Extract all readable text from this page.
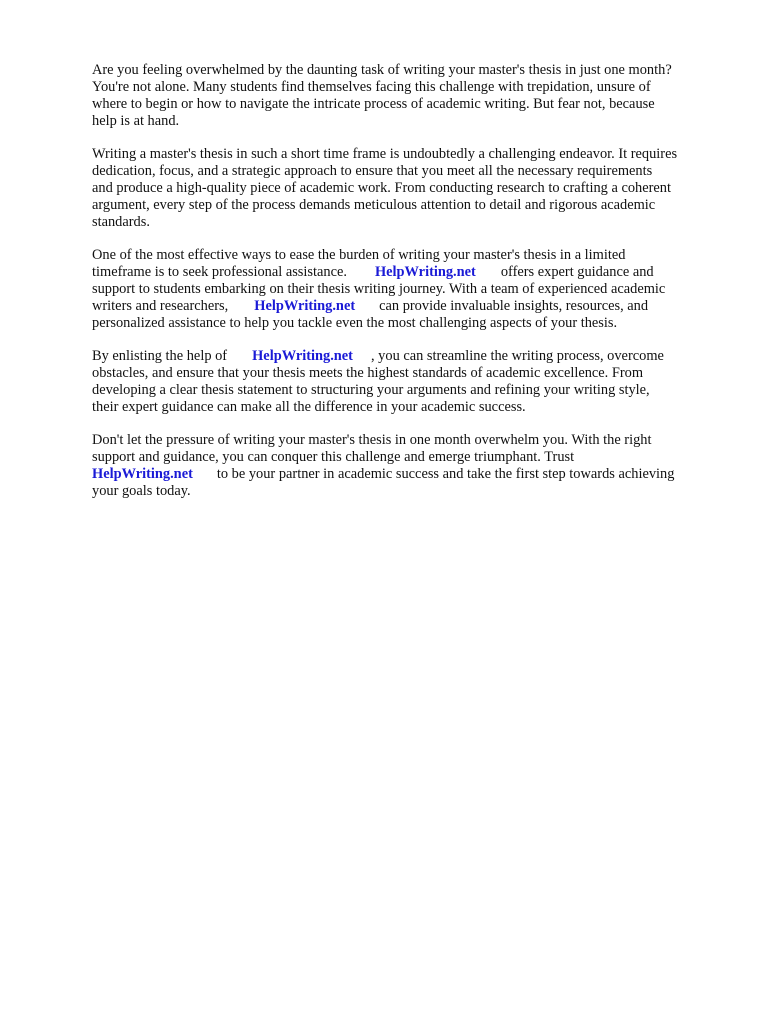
Are you feeling overwhelmed by the daunting task of writing your master's thesis in just one month?
You're not alone. Many students find themselves facing this challenge with trepidation, unsure of
where to begin or how to navigate the intricate process of academic writing. But fear not, because
help is at hand.

Writing a master's thesis in such a short time frame is undoubtedly a challenging endeavor. It requires
dedication, focus, and a strategic approach to ensure that you meet all the necessary requirements
and produce a high-quality piece of academic work. From conducting research to crafting a coherent
argument, every step of the process demands meticulous attention to detail and rigorous academic
standards.

One of the most effective ways to ease the burden of writing your master's thesis in a limited
timeframe is to seek professional assistance. HelpWriting.net offers expert guidance and
support to students embarking on their thesis writing journey. With a team of experienced academic
writers and researchers, HelpWriting.net can provide invaluable insights, resources, and
personalized assistance to help you tackle even the most challenging aspects of your thesis.

By enlisting the help of HelpWriting.net , you can streamline the writing process, overcome
obstacles, and ensure that your thesis meets the highest standards of academic excellence. From
developing a clear thesis statement to structuring your arguments and refining your writing style,
their expert guidance can make all the difference in your academic success.

Don't let the pressure of writing your master's thesis in one month overwhelm you. With the right
support and guidance, you can conquer this challenge and emerge triumphant. Trust
HelpWriting.net to be your partner in academic success and take the first step towards achieving
your goals today.
